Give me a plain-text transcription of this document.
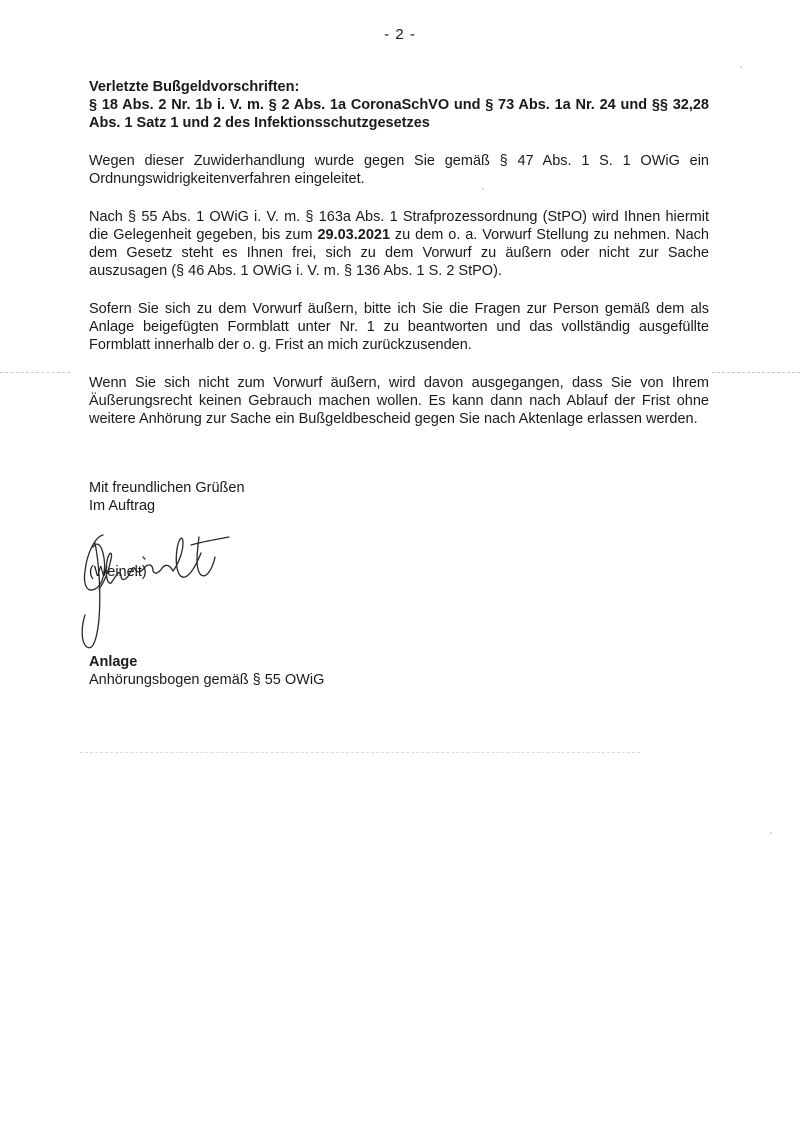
- 2 -
Verletzte Bußgeldvorschriften:
§ 18 Abs. 2 Nr. 1b i. V. m. § 2 Abs. 1a CoronaSchVO und § 73 Abs. 1a Nr. 24 und §§ 32,28 Abs. 1 Satz 1 und 2 des Infektionsschutzgesetzes

Wegen dieser Zuwiderhandlung wurde gegen Sie gemäß § 47 Abs. 1 S. 1 OWiG ein Ordnungswidrigkeitenverfahren eingeleitet.

Nach § 55 Abs. 1 OWiG i. V. m. § 163a Abs. 1 Strafprozessordnung (StPO) wird Ihnen hiermit die Gelegenheit gegeben, bis zum 29.03.2021 zu dem o. a. Vorwurf Stellung zu nehmen. Nach dem Gesetz steht es Ihnen frei, sich zu dem Vorwurf zu äußern oder nicht zur Sache auszusagen (§ 46 Abs. 1 OWiG i. V. m. § 136 Abs. 1 S. 2 StPO).

Sofern Sie sich zu dem Vorwurf äußern, bitte ich Sie die Fragen zur Person gemäß dem als Anlage beigefügten Formblatt unter Nr. 1 zu beantworten und das vollständig ausgefüllte Formblatt innerhalb der o. g. Frist an mich zurückzusenden.

Wenn Sie sich nicht zum Vorwurf äußern, wird davon ausgegangen, dass Sie von Ihrem Äußerungsrecht keinen Gebrauch machen wollen. Es kann dann nach Ablauf der Frist ohne weitere Anhörung zur Sache ein Bußgeldbescheid gegen Sie nach Aktenlage erlassen werden.

Mit freundlichen Grüßen
Im Auftrag
(Weinelt)
Anlage
Anhörungsbogen gemäß § 55 OWiG
